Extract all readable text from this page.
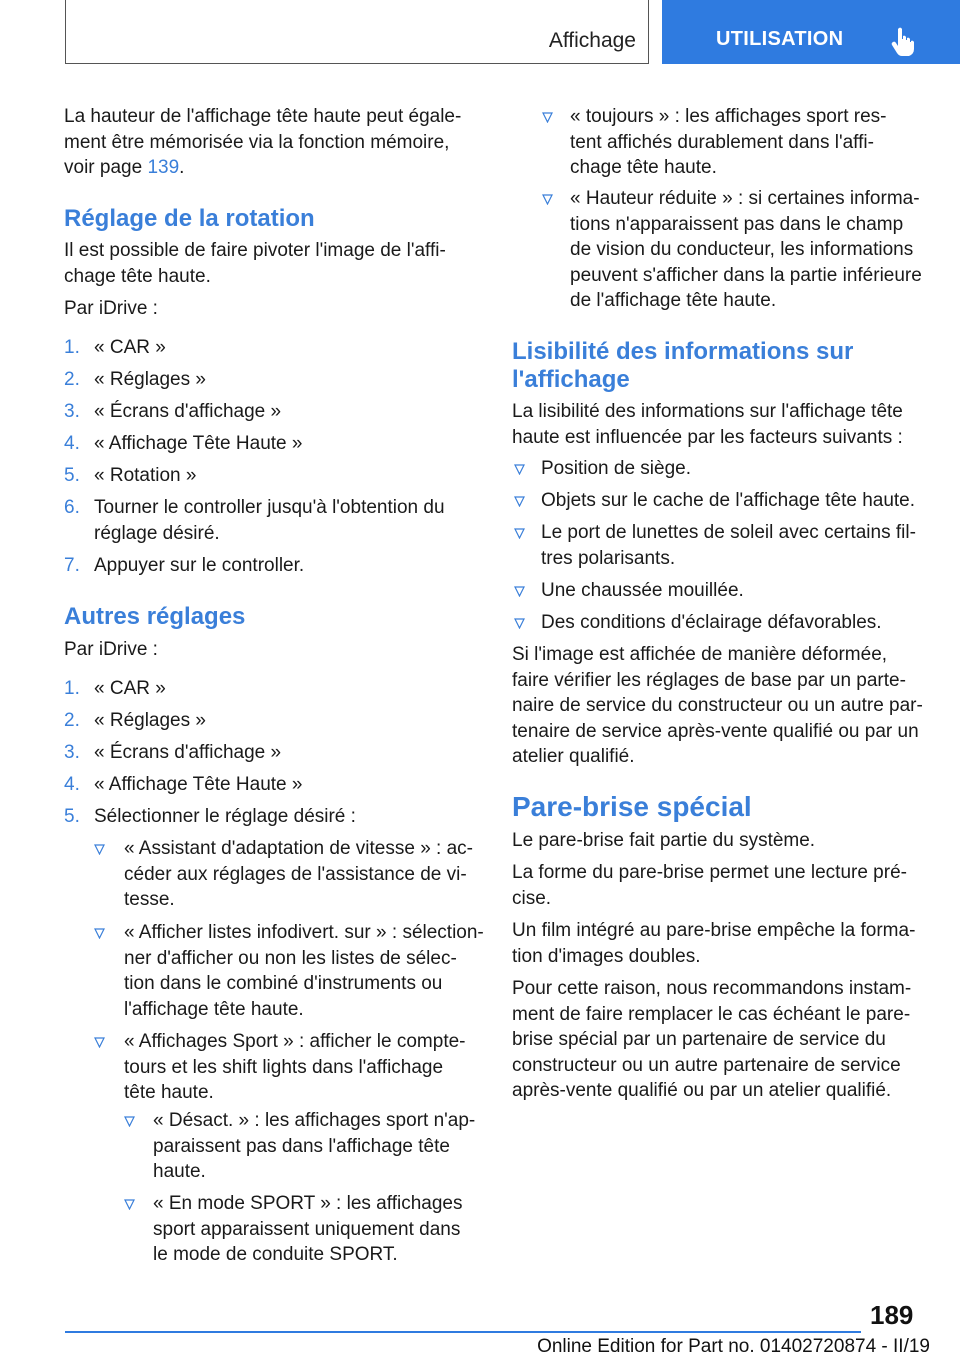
Affichage	UTILISATION
La hauteur de l'affichage tête haute peut égale-
ment être mémorisée via la fonction mémoire,
voir page 139.
Réglage de la rotation
Il est possible de faire pivoter l'image de l'affi-
chage tête haute.
Par iDrive :
1. « CAR »
2. « Réglages »
3. « Écrans d'affichage »
4. « Affichage Tête Haute »
5. « Rotation »
6. Tourner le controller jusqu'à l'obtention du
réglage désiré.
7. Appuyer sur le controller.
Autres réglages
Par iDrive :
1. « CAR »
2. « Réglages »
3. « Écrans d'affichage »
4. « Affichage Tête Haute »
5. Sélectionner le réglage désiré :
« Assistant d'adaptation de vitesse » : ac-
céder aux réglages de l'assistance de vi-
tesse.
« Afficher listes infodivert. sur » : sélection-
ner d'afficher ou non les listes de sélec-
tion dans le combiné d'instruments ou
l'affichage tête haute.
« Affichages Sport » : afficher le compte-
tours et les shift lights dans l'affichage
tête haute.
« Désact. » : les affichages sport n'ap-
paraissent pas dans l'affichage tête
haute.
« En mode SPORT » : les affichages
sport apparaissent uniquement dans
le mode de conduite SPORT.
« toujours » : les affichages sport res-
tent affichés durablement dans l'affi-
chage tête haute.
« Hauteur réduite » : si certaines informa-
tions n'apparaissent pas dans le champ
de vision du conducteur, les informations
peuvent s'afficher dans la partie inférieure
de l'affichage tête haute.
Lisibilité des informations sur
l'affichage
La lisibilité des informations sur l'affichage tête
haute est influencée par les facteurs suivants :
Position de siège.
Objets sur le cache de l'affichage tête haute.
Le port de lunettes de soleil avec certains fil-
tres polarisants.
Une chaussée mouillée.
Des conditions d'éclairage défavorables.
Si l'image est affichée de manière déformée,
faire vérifier les réglages de base par un parte-
naire de service du constructeur ou un autre par-
tenaire de service après-vente qualifié ou par un
atelier qualifié.
Pare-brise spécial
Le pare-brise fait partie du système.
La forme du pare-brise permet une lecture pré-
cise.
Un film intégré au pare-brise empêche la forma-
tion d'images doubles.
Pour cette raison, nous recommandons instam-
ment de faire remplacer le cas échéant le pare-
brise spécial par un partenaire de service du
constructeur ou un autre partenaire de service
après-vente qualifié ou par un atelier qualifié.
189
Online Edition for Part no. 01402720874 - II/19
